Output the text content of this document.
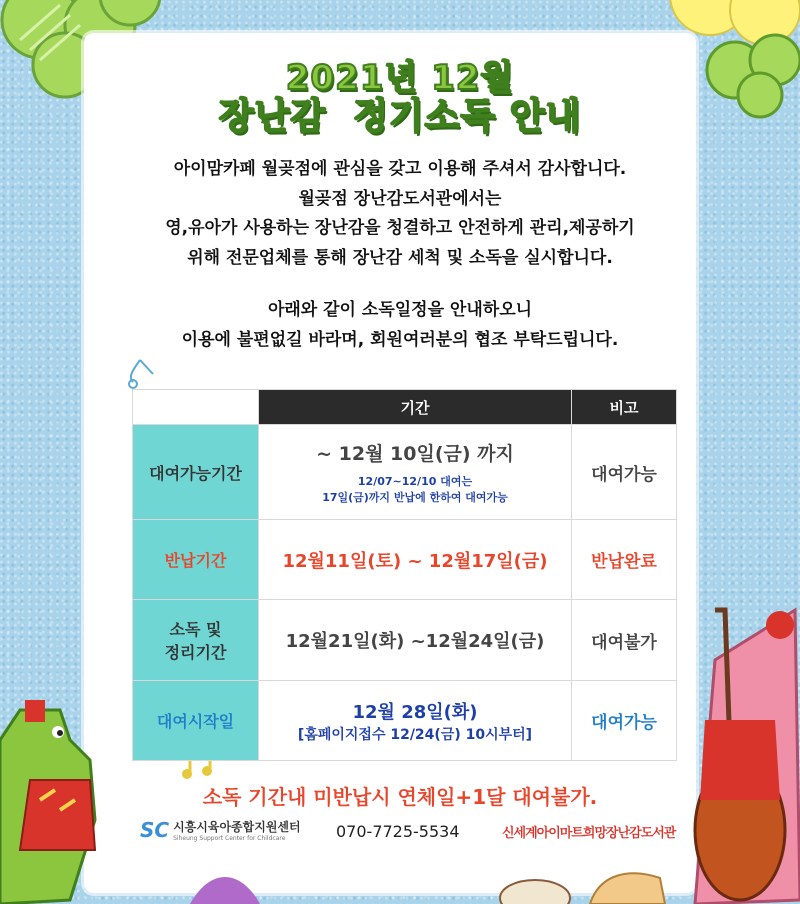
2021년 12월
장난감  정기소독 안내
아이맘카페 월곶점에 관심을 갖고 이용해 주셔서 감사합니다.
월곶점 장난감도서관에서는
영,유아가 사용하는 장난감을 청결하고 안전하게 관리,제공하기
위해 전문업체를 통해 장난감 세척 및 소독을 실시합니다.
아래와 같이 소독일정을 안내하오니
이용에 불편없길 바라며, 회원여러분의 협조 부탁드립니다.
	기간	비고
대여가능기간	~ 12월 10일(금) 까지
12/07~12/10 대여는
17일(금)까지 반납에 한하여 대여가능	대여가능
반납기간	12월11일(토) ~ 12월17일(금)	반납완료

소독 및
정리기간	12월21일(화) ~12월24일(금)	대여불가
대여시작일	12월 28일(화)
[홈페이지접수 12/24(금) 10시부터]	대여가능
소독 기간내 미반납시 연체일+1달 대여불가.
SC 시흥시육아종합지원센터
Siheung Support Center for Childcare	070-7725-5534	신세계아이마트희망장난감도서관
